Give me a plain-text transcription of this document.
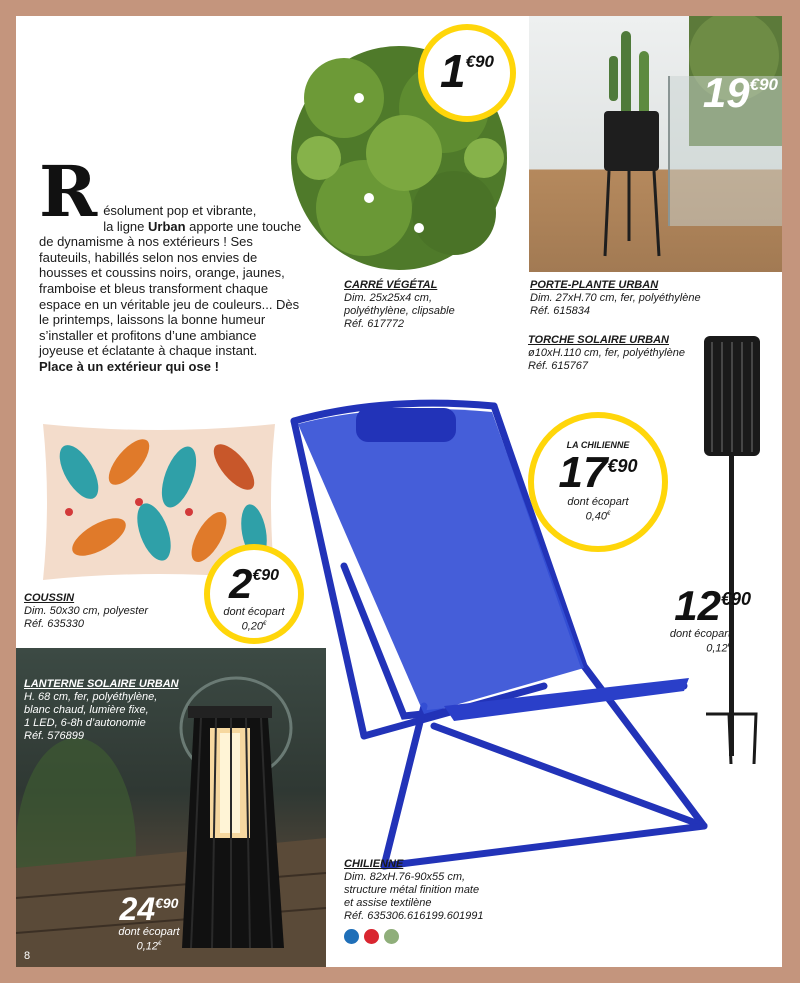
1€90
19€90
R ésolument pop et vibrante,
la ligne Urban apporte une touche de dynamisme à nos extérieurs ! Ses fauteuils, habillés selon nos envies de housses et coussins noirs, orange, jaunes, framboise et bleus transforment chaque espace en un véritable jeu de couleurs... Dès le printemps, laissons la bonne humeur s’installer et profitons d’une ambiance joyeuse et éclatante à chaque instant.
Place à un extérieur qui ose !
CARRÉ VÉGÉTAL
Dim. 25x25x4 cm,
polyéthylène, clipsable
Réf. 617772
PORTE-PLANTE URBAN
Dim. 27xH.70 cm, fer, polyéthylène
Réf. 615834
TORCHE SOLAIRE URBAN
ø10xH.110 cm, fer, polyéthylène
Réf. 615767
2€90
dont écopart
0,20€
COUSSIN
Dim. 50x30 cm, polyester
Réf. 635330
LANTERNE SOLAIRE URBAN
H. 68 cm, fer, polyéthylène,
blanc chaud, lumière fixe,
1 LED, 6-8h d’autonomie
Réf. 576899
24€90
dont écopart
0,12€
8
LA CHILIENNE
17€90
dont écopart
0,40€
12€90
dont écopart
0,12€
CHILIENNE
Dim. 82xH.76-90x55 cm,
structure métal finition mate
et assise textilène
Réf. 635306.616199.601991
